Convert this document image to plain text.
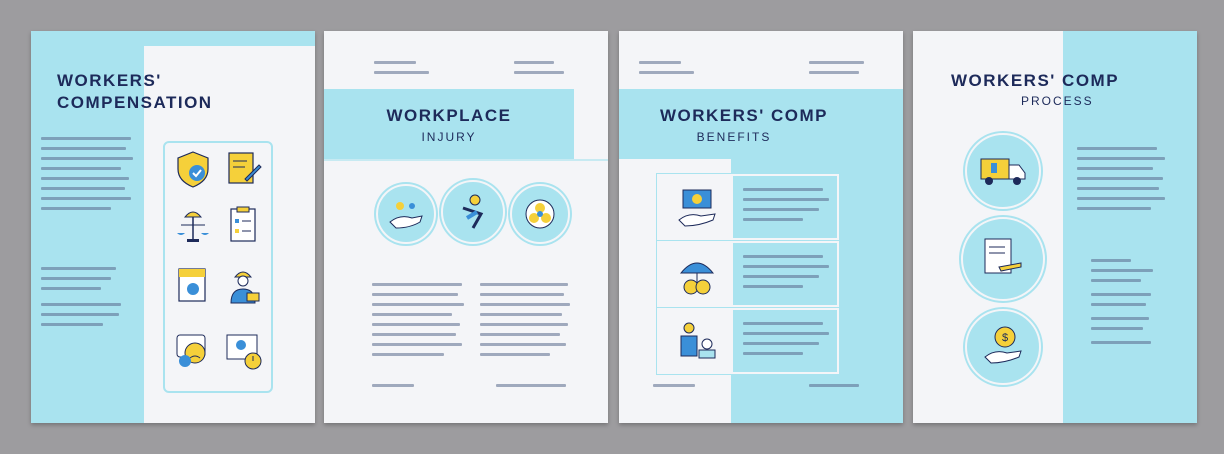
WORKERS'
COMPENSATION
WORKPLACE
INJURY
WORKERS' COMP
BENEFITS
WORKERS' COMP
PROCESS
$
